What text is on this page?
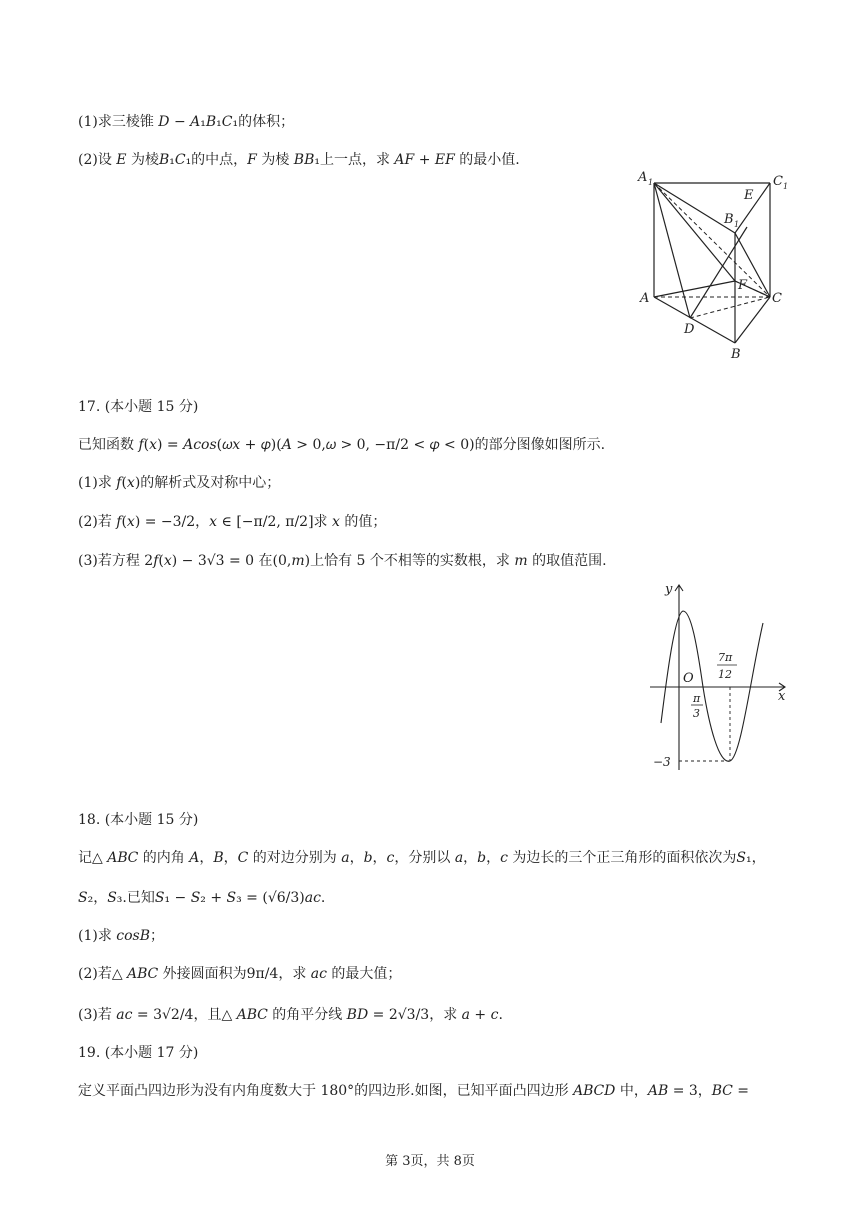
(1)求三棱锥 𝐷 − 𝐴₁𝐵₁𝐶₁的体积；
(2)设 𝐸 为棱𝐵₁𝐶₁的中点，𝐹 为棱 𝐵𝐵₁上一点，求 𝐴𝐹 + 𝐸𝐹 的最小值.
A 1	C 1
E
B 1
F
A	C
D
B
17. (本小题 15 分)
已知函数 𝑓(𝑥) = 𝐴𝑐𝑜𝑠(𝜔𝑥 + 𝜑)(𝐴 > 0,𝜔 > 0, −π/2 < 𝜑 < 0)的部分图像如图所示.
(1)求 𝑓(𝑥)的解析式及对称中心；
(2)若 𝑓(𝑥) = −3/2，𝑥 ∈ [−π/2, π/2]求 𝑥 的值；
(3)若方程 2𝑓(𝑥) − 3√3 = 0 在(0,𝑚)上恰有 5 个不相等的实数根，求 𝑚 的取值范围.
y
x
O
π
3
7π
12
−3
18. (本小题 15 分)
记△ 𝐴𝐵𝐶 的内角 𝐴，𝐵，𝐶 的对边分别为 𝑎，𝑏，𝑐，分别以 𝑎，𝑏，𝑐 为边长的三个正三角形的面积依次为𝑆₁，
𝑆₂，𝑆₃.已知𝑆₁ − 𝑆₂ + 𝑆₃ = (√6/3)𝑎𝑐.
(1)求 𝑐𝑜𝑠𝐵；
(2)若△ 𝐴𝐵𝐶 外接圆面积为9π/4，求 𝑎𝑐 的最大值；
(3)若 𝑎𝑐 = 3√2/4，且△ 𝐴𝐵𝐶 的角平分线 𝐵𝐷 = 2√3/3，求 𝑎 + 𝑐.
19. (本小题 17 分)
定义平面凸四边形为没有内角度数大于 180°的四边形.如图，已知平面凸四边形 𝐴𝐵𝐶𝐷 中，𝐴𝐵 = 3，𝐵𝐶 =
第 3页，共 8页
